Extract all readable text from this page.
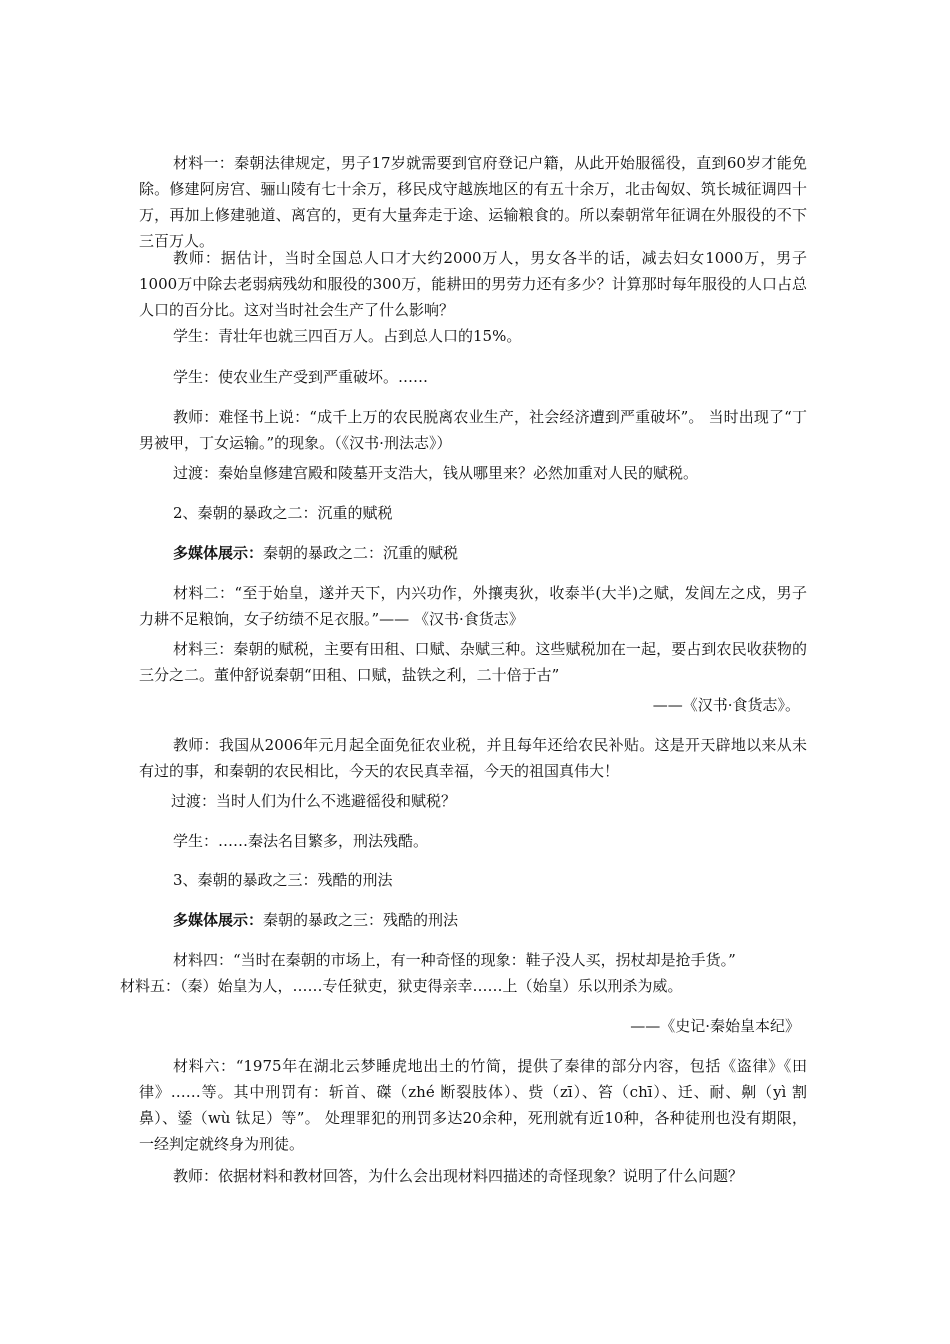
材料一：秦朝法律规定，男子17岁就需要到官府登记户籍，从此开始服徭役，直到60岁才能免除。修建阿房宫、骊山陵有七十余万，移民戍守越族地区的有五十余万，北击匈奴、筑长城征调四十万，再加上修建驰道、离宫的，更有大量奔走于途、运输粮食的。所以秦朝常年征调在外服役的不下三百万人。

教师：据估计，当时全国总人口才大约2000万人，男女各半的话，减去妇女1000万，男子1000万中除去老弱病残幼和服役的300万，能耕田的男劳力还有多少？计算那时每年服役的人口占总人口的百分比。这对当时社会生产了什么影响？

学生：青壮年也就三四百万人。占到总人口的15%。

学生：使农业生产受到严重破坏。……

教师：难怪书上说：“成千上万的农民脱离农业生产，社会经济遭到严重破坏”。 当时出现了“丁男被甲，丁女运输。”的现象。（《汉书·刑法志》）

过渡：秦始皇修建宫殿和陵墓开支浩大，钱从哪里来？必然加重对人民的赋税。

2、秦朝的暴政之二：沉重的赋税

多媒体展示：秦朝的暴政之二：沉重的赋税

材料二：“至于始皇，遂并天下，内兴功作，外攘夷狄，收泰半(大半)之赋，发闾左之戍，男子力耕不足粮饷，女子纺绩不足衣服。”—— 《汉书·食货志》

材料三：秦朝的赋税，主要有田租、口赋、杂赋三种。这些赋税加在一起，要占到农民收获物的三分之二。董仲舒说秦朝“田租、口赋，盐铁之利，二十倍于古”

——《汉书·食货志》。

教师：我国从2006年元月起全面免征农业税，并且每年还给农民补贴。这是开天辟地以来从未有过的事，和秦朝的农民相比，今天的农民真幸福，今天的祖国真伟大！

过渡：当时人们为什么不逃避徭役和赋税？

学生：……秦法名目繁多，刑法残酷。

3、秦朝的暴政之三：残酷的刑法

多媒体展示：秦朝的暴政之三：残酷的刑法

材料四：“当时在秦朝的市场上，有一种奇怪的现象：鞋子没人买，拐杖却是抢手货。”

材料五：（秦）始皇为人，……专任狱吏，狱吏得亲幸……上（始皇）乐以刑杀为威。

——《史记·秦始皇本纪》

材料六：“1975年在湖北云梦睡虎地出土的竹简，提供了秦律的部分内容，包括《盗律》《田律》……等。其中刑罚有：斩首、磔（zhé 断裂肢体）、赀（zī）、笞（chī）、迁、耐、劓（yì 割鼻）、鋈（wù 钛足）等”。 处理罪犯的刑罚多达20余种，死刑就有近10种，各种徒刑也没有期限，一经判定就终身为刑徒。

教师：依据材料和教材回答，为什么会出现材料四描述的奇怪现象？说明了什么问题？
